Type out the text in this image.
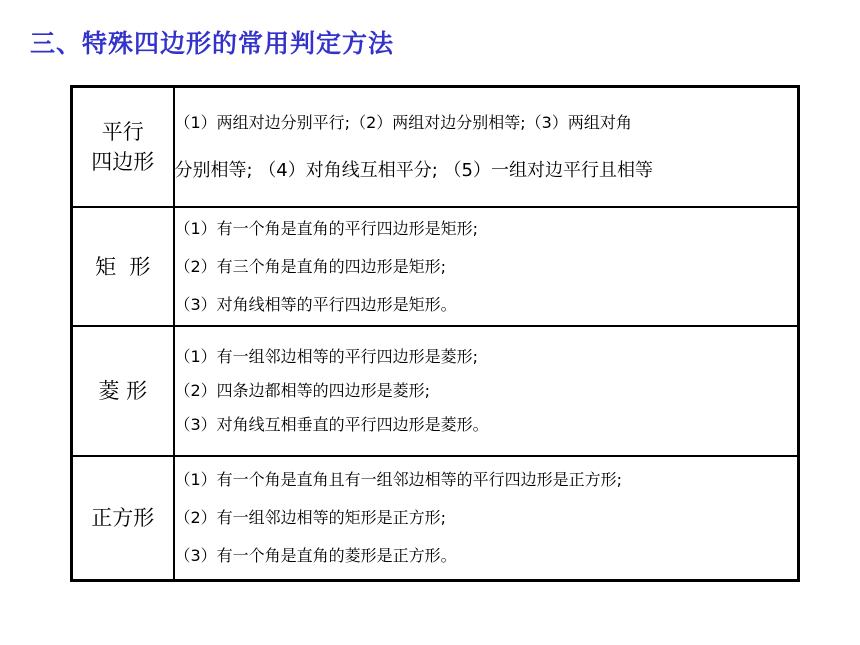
三、特殊四边形的常用判定方法
平行
四边形	（1）两组对边分别平行;（2）两组对边分别相等;（3）两组对角
分别相等; （4）对角线互相平分; （5）一组对边平行且相等

矩  形	（1）有一个角是直角的平行四边形是矩形;
（2）有三个角是直角的四边形是矩形;
（3）对角线相等的平行四边形是矩形。

菱 形	（1）有一组邻边相等的平行四边形是菱形;
（2）四条边都相等的四边形是菱形;
（3）对角线互相垂直的平行四边形是菱形。

正方形	（1）有一个角是直角且有一组邻边相等的平行四边形是正方形;
（2）有一组邻边相等的矩形是正方形;
（3）有一个角是直角的菱形是正方形。
